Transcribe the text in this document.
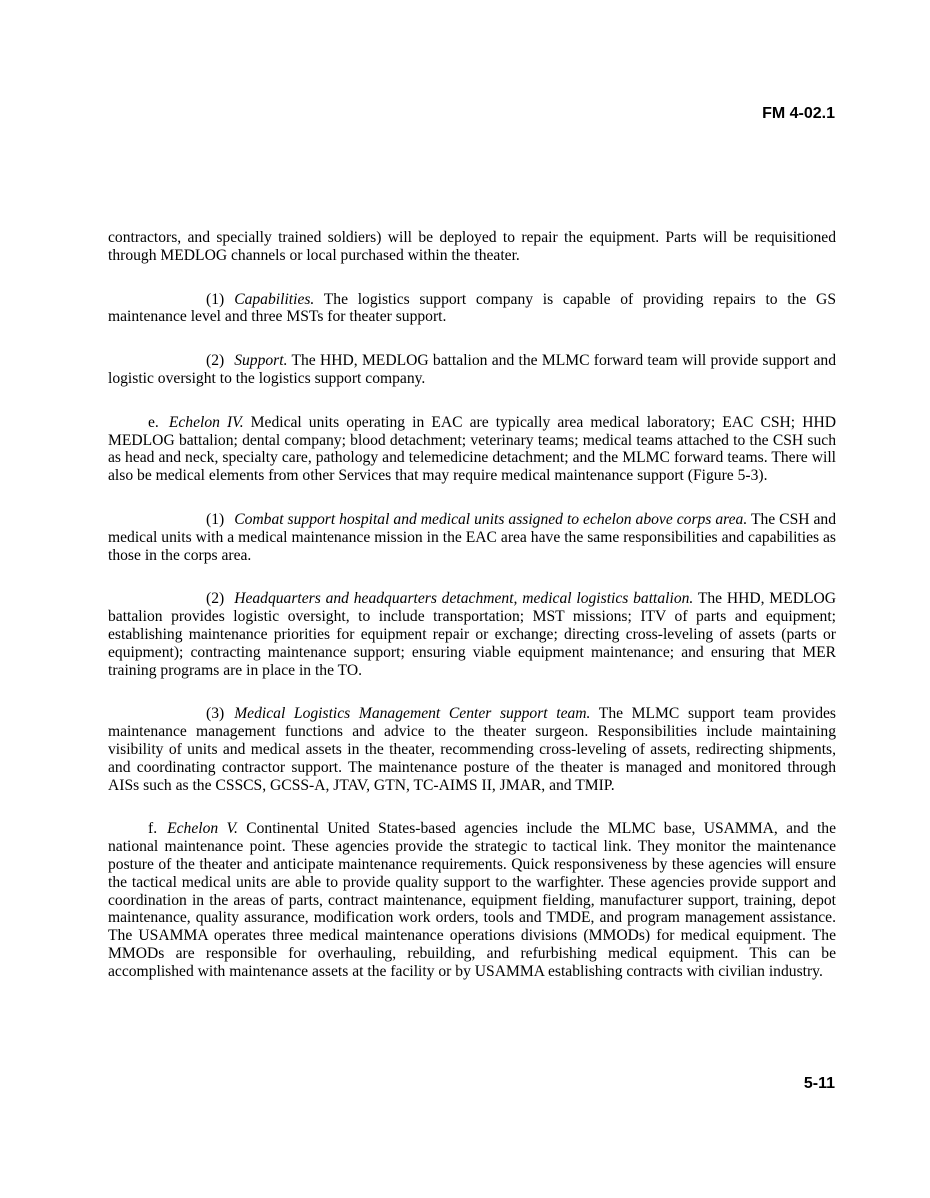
FM 4-02.1

contractors, and specially trained soldiers) will be deployed to repair the equipment. Parts will be requisitioned through MEDLOG channels or local purchased within the theater.

(1) Capabilities. The logistics support company is capable of providing repairs to the GS maintenance level and three MSTs for theater support.

(2) Support. The HHD, MEDLOG battalion and the MLMC forward team will provide support and logistic oversight to the logistics support company.

e. Echelon IV. Medical units operating in EAC are typically area medical laboratory; EAC CSH; HHD MEDLOG battalion; dental company; blood detachment; veterinary teams; medical teams attached to the CSH such as head and neck, specialty care, pathology and telemedicine detachment; and the MLMC forward teams. There will also be medical elements from other Services that may require medical maintenance support (Figure 5-3).

(1) Combat support hospital and medical units assigned to echelon above corps area. The CSH and medical units with a medical maintenance mission in the EAC area have the same responsibilities and capabilities as those in the corps area.

(2) Headquarters and headquarters detachment, medical logistics battalion. The HHD, MEDLOG battalion provides logistic oversight, to include transportation; MST missions; ITV of parts and equipment; establishing maintenance priorities for equipment repair or exchange; directing cross-leveling of assets (parts or equipment); contracting maintenance support; ensuring viable equipment maintenance; and ensuring that MER training programs are in place in the TO.

(3) Medical Logistics Management Center support team. The MLMC support team provides maintenance management functions and advice to the theater surgeon. Responsibilities include maintaining visibility of units and medical assets in the theater, recommending cross-leveling of assets, redirecting shipments, and coordinating contractor support. The maintenance posture of the theater is managed and monitored through AISs such as the CSSCS, GCSS-A, JTAV, GTN, TC-AIMS II, JMAR, and TMIP.

f. Echelon V. Continental United States-based agencies include the MLMC base, USAMMA, and the national maintenance point. These agencies provide the strategic to tactical link. They monitor the maintenance posture of the theater and anticipate maintenance requirements. Quick responsiveness by these agencies will ensure the tactical medical units are able to provide quality support to the warfighter. These agencies provide support and coordination in the areas of parts, contract maintenance, equipment fielding, manufacturer support, training, depot maintenance, quality assurance, modification work orders, tools and TMDE, and program management assistance. The USAMMA operates three medical maintenance operations divisions (MMODs) for medical equipment. The MMODs are responsible for overhauling, rebuilding, and refurbishing medical equipment. This can be accomplished with maintenance assets at the facility or by USAMMA establishing contracts with civilian industry.

5-11
